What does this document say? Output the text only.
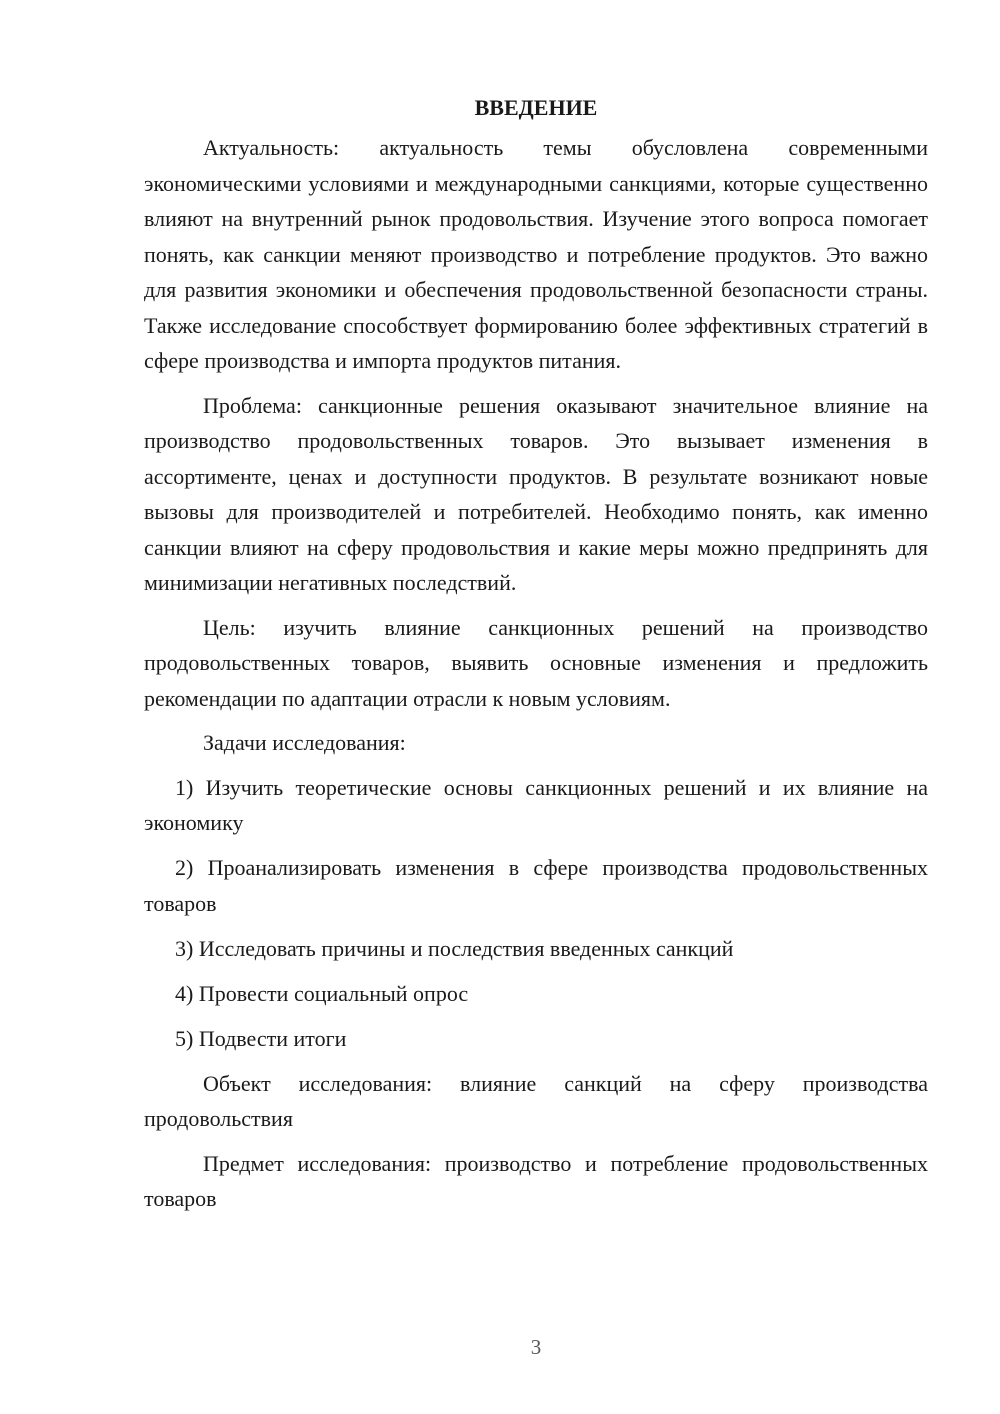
ВВЕДЕНИЕ

Актуальность: актуальность темы обусловлена современными экономическими условиями и международными санкциями, которые существенно влияют на внутренний рынок продовольствия. Изучение этого вопроса помогает понять, как санкции меняют производство и потребление продуктов. Это важно для развития экономики и обеспечения продовольственной безопасности страны. Также исследование способствует формированию более эффективных стратегий в сфере производства и импорта продуктов питания.

Проблема: санкционные решения оказывают значительное влияние на производство продовольственных товаров. Это вызывает изменения в ассортименте, ценах и доступности продуктов. В результате возникают новые вызовы для производителей и потребителей. Необходимо понять, как именно санкции влияют на сферу продовольствия и какие меры можно предпринять для минимизации негативных последствий.

Цель: изучить влияние санкционных решений на производство продовольственных товаров, выявить основные изменения и предложить рекомендации по адаптации отрасли к новым условиям.

Задачи исследования:

1) Изучить теоретические основы санкционных решений и их влияние на экономику

2) Проанализировать изменения в сфере производства продовольственных товаров

3) Исследовать причины и последствия введенных санкций

4) Провести социальный опрос

5) Подвести итоги

Объект исследования: влияние санкций на сферу производства продовольствия

Предмет исследования: производство и потребление продовольственных товаров

3
